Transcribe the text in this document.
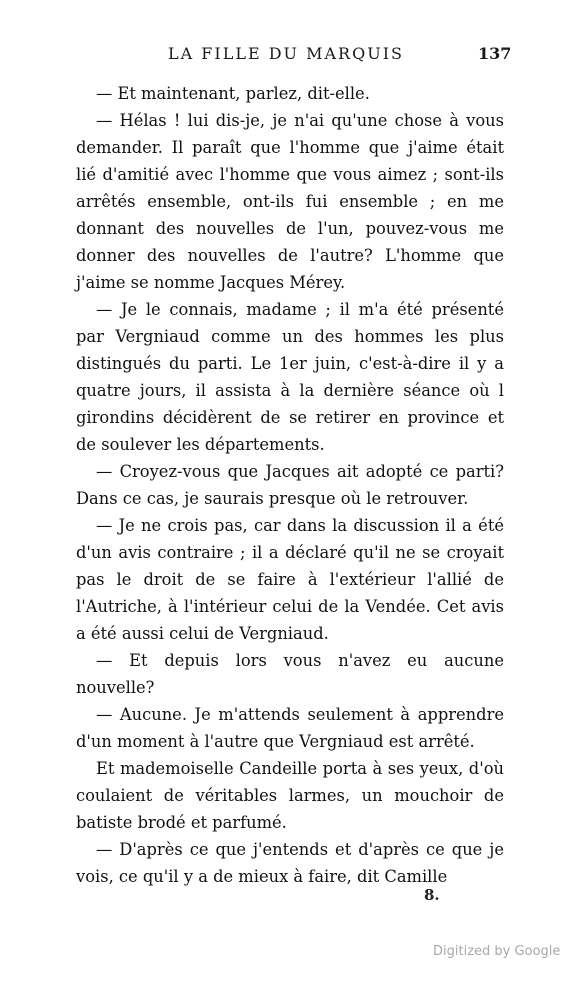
LA FILLE DU MARQUIS	137

— Et maintenant, parlez, dit-elle.

— Hélas ! lui dis-je, je n'ai qu'une chose à vous demander. Il paraît que l'homme que j'aime était lié d'amitié avec l'homme que vous aimez ; sont-ils arrêtés ensemble, ont-ils fui ensemble ; en me donnant des nouvelles de l'un, pouvez-vous me donner des nouvelles de l'autre? L'homme que j'aime se nomme Jacques Mérey.

— Je le connais, madame ; il m'a été présenté par Vergniaud comme un des hommes les plus distingués du parti. Le 1er juin, c'est-à-dire il y a quatre jours, il assista à la dernière séance où l girondins décidèrent de se retirer en province et de soulever les départements.

— Croyez-vous que Jacques ait adopté ce parti? Dans ce cas, je saurais presque où le retrouver.

— Je ne crois pas, car dans la discussion il a été d'un avis contraire ; il a déclaré qu'il ne se croyait pas le droit de se faire à l'extérieur l'allié de l'Autriche, à l'intérieur celui de la Vendée. Cet avis a été aussi celui de Vergniaud.

— Et depuis lors vous n'avez eu aucune nouvelle?

— Aucune. Je m'attends seulement à apprendre d'un moment à l'autre que Vergniaud est arrêté.

Et mademoiselle Candeille porta à ses yeux, d'où coulaient de véritables larmes, un mouchoir de batiste brodé et parfumé.

— D'après ce que j'entends et d'après ce que je vois, ce qu'il y a de mieux à faire, dit Camille

8.
Digitized by Google
